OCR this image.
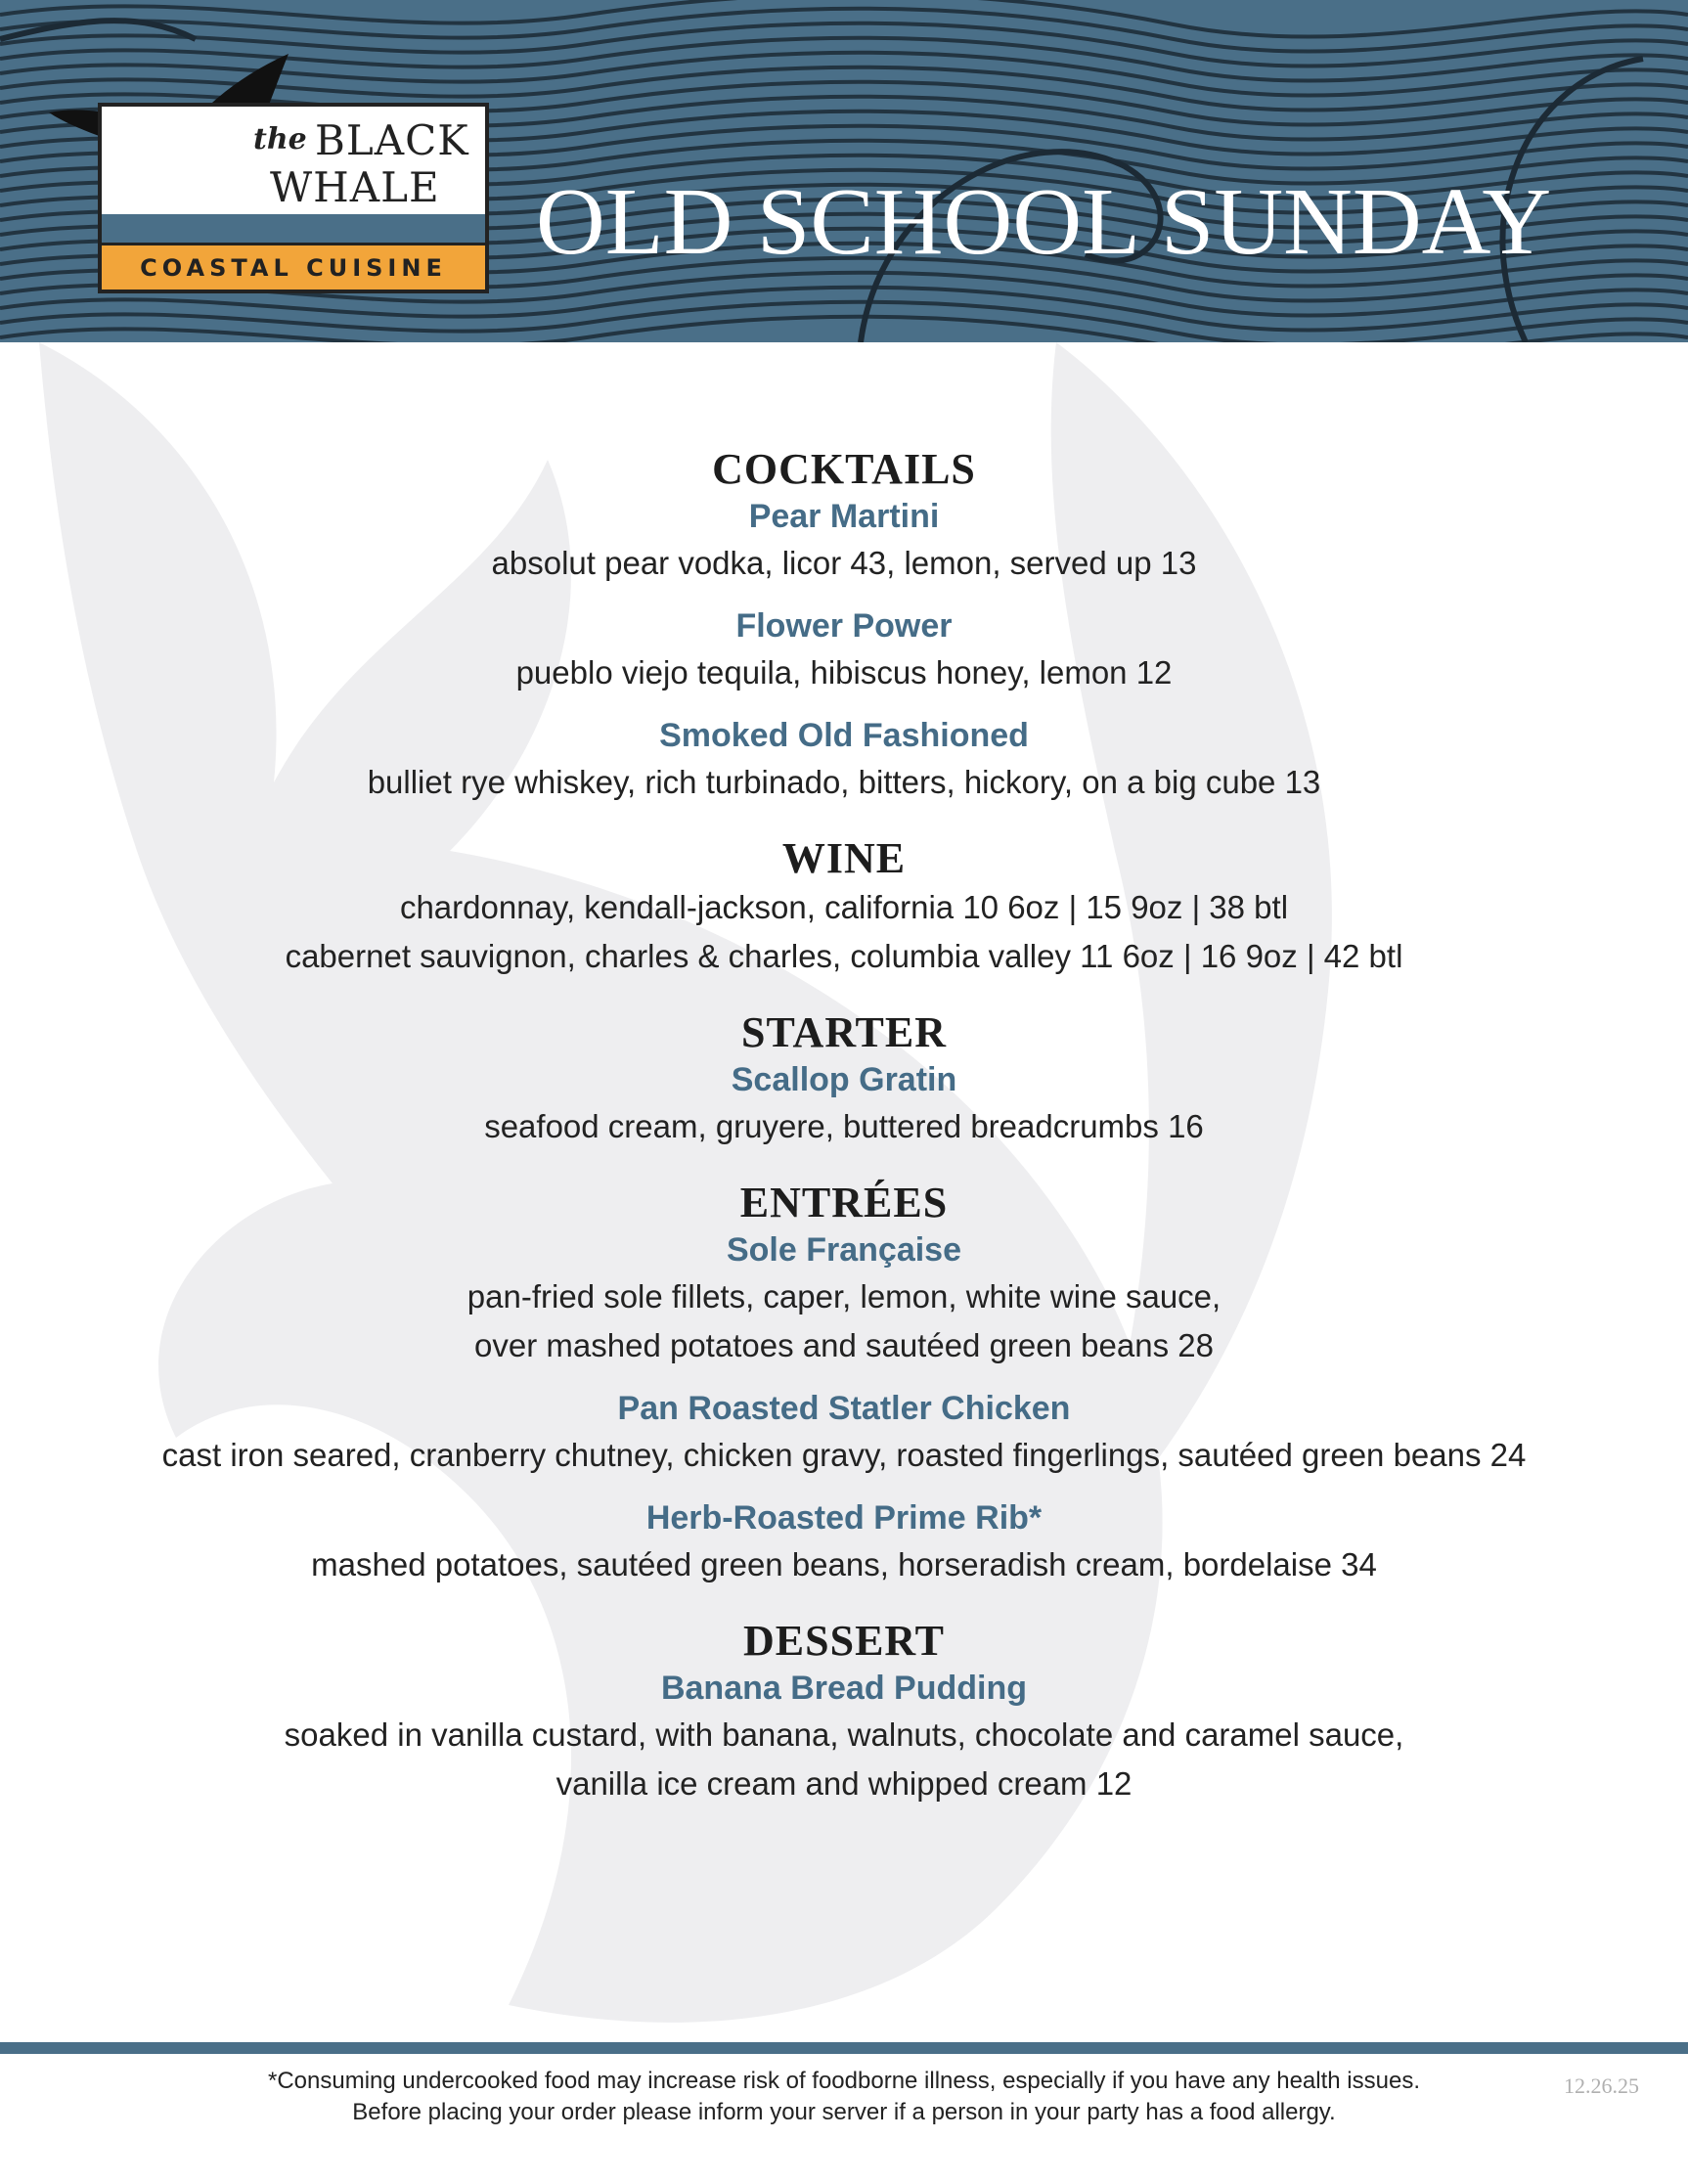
the BLACK
WHALE
COASTAL CUISINE OLD SCHOOL SUNDAY
COCKTAILS
Pear Martini
absolut pear vodka, licor 43, lemon, served up 13
Flower Power
pueblo viejo tequila, hibiscus honey, lemon 12
Smoked Old Fashioned
bulliet rye whiskey, rich turbinado, bitters, hickory, on a big cube 13
WINE
chardonnay, kendall-jackson, california 10 6oz | 15 9oz | 38 btl
cabernet sauvignon, charles & charles, columbia valley 11 6oz | 16 9oz | 42 btl
STARTER
Scallop Gratin
seafood cream, gruyere, buttered breadcrumbs 16
ENTRÉES
Sole Française
pan-fried sole fillets, caper, lemon, white wine sauce,
over mashed potatoes and sautéed green beans 28
Pan Roasted Statler Chicken
cast iron seared, cranberry chutney, chicken gravy, roasted fingerlings, sautéed green beans 24
Herb-Roasted Prime Rib*
mashed potatoes, sautéed green beans, horseradish cream, bordelaise 34
DESSERT
Banana Bread Pudding
soaked in vanilla custard, with banana, walnuts, chocolate and caramel sauce,
vanilla ice cream and whipped cream 12
*Consuming undercooked food may increase risk of foodborne illness, especially if you have any health issues.
Before placing your order please inform your server if a person in your party has a food allergy.
12.26.25
